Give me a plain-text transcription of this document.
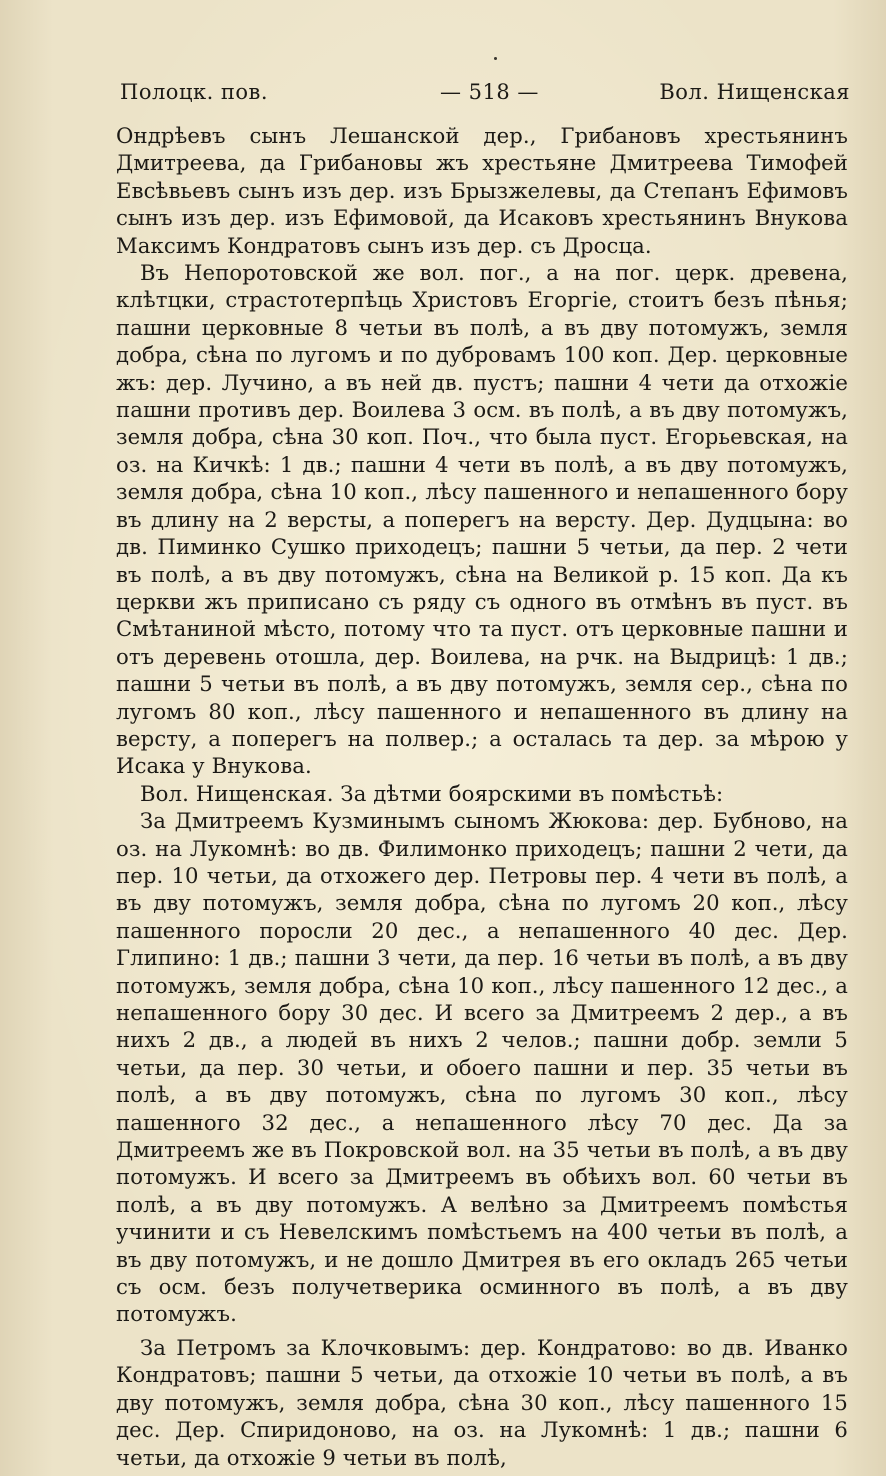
Полоцк. пов.	— 518 —	Вол. Нищенская

Ондрѣевъ сынъ Лешанской дер., Грибановъ хрестьянинъ Дмитреева, да Грибановы жъ хрестьяне Дмитреева Тимофей Евсѣвьевъ сынъ изъ дер. изъ Брызжелевы, да Степанъ Ефимовъ сынъ изъ дер. изъ Ефимовой, да Исаковъ хрестьянинъ Внукова Максимъ Кондратовъ сынъ изъ дер. съ Дросца.

Въ Непоротовской же вол. пог., а на пог. церк. древена, клѣтцки, страстотерпѣць Христовъ Егоргіе, стоитъ безъ пѣнья; пашни церковные 8 четьи въ полѣ, а въ дву потомужъ, земля добра, сѣна по лугомъ и по дубровамъ 100 коп. Дер. церковные жъ: дер. Лучино, а въ ней дв. пустъ; пашни 4 чети да отхожіе пашни противъ дер. Воилева 3 осм. въ полѣ, а въ дву потомужъ, земля добра, сѣна 30 коп. Поч., что была пуст. Егорьевская, на оз. на Кичкѣ: 1 дв.; пашни 4 чети въ полѣ, а въ дву потомужъ, земля добра, сѣна 10 коп., лѣсу пашенного и непашенного бору въ длину на 2 версты, а поперегъ на версту. Дер. Дудцына: во дв. Пиминко Сушко приходецъ; пашни 5 четьи, да пер. 2 чети въ полѣ, а въ дву потомужъ, сѣна на Великой р. 15 коп. Да къ церкви жъ приписано съ ряду съ одного въ отмѣнъ въ пуст. въ Смѣтаниной мѣсто, потому что та пуст. отъ церковные пашни и отъ деревень отошла, дер. Воилева, на рчк. на Выдрицѣ: 1 дв.; пашни 5 четьи въ полѣ, а въ дву потомужъ, земля сер., сѣна по лугомъ 80 коп., лѣсу пашенного и непашенного въ длину на версту, а поперегъ на полвер.; а осталась та дер. за мѣрою у Исака у Внукова.

Вол. Нищенская. За дѣтми боярскими въ помѣстьѣ:

За Дмитреемъ Кузминымъ сыномъ Жюкова: дер. Бубново, на оз. на Лукомнѣ: во дв. Филимонко приходецъ; пашни 2 чети, да пер. 10 четьи, да отхожего дер. Петровы пер. 4 чети въ полѣ, а въ дву потомужъ, земля добра, сѣна по лугомъ 20 коп., лѣсу пашенного поросли 20 дес., а непашенного 40 дес. Дер. Глипино: 1 дв.; пашни 3 чети, да пер. 16 четьи въ полѣ, а въ дву потомужъ, земля добра, сѣна 10 коп., лѣсу пашенного 12 дес., а непашенного бору 30 дес. И всего за Дмитреемъ 2 дер., а въ нихъ 2 дв., а людей въ нихъ 2 челов.; пашни добр. земли 5 четьи, да пер. 30 четьи, и обоего пашни и пер. 35 четьи въ полѣ, а въ дву потомужъ, сѣна по лугомъ 30 коп., лѣсу пашенного 32 дес., а непашенного лѣсу 70 дес. Да за Дмитреемъ же въ Покровской вол. на 35 четьи въ полѣ, а въ дву потомужъ. И всего за Дмитреемъ въ обѣихъ вол. 60 четьи въ полѣ, а въ дву потомужъ. А велѣно за Дмитреемъ помѣстья учинити и съ Невелскимъ помѣстьемъ на 400 четьи въ полѣ, а въ дву потомужъ, и не дошло Дмитрея въ его окладъ 265 четьи съ осм. безъ получетверика осминного въ полѣ, а въ дву потомужъ.

За Петромъ за Клочковымъ: дер. Кондратово: во дв. Иванко Кондратовъ; пашни 5 четьи, да отхожіе 10 четьи въ полѣ, а въ дву потомужъ, земля добра, сѣна 30 коп., лѣсу пашенного 15 дес. Дер. Спиридоново, на оз. на Лукомнѣ: 1 дв.; пашни 6 четьи, да отхожіе 9 четьи въ полѣ,
